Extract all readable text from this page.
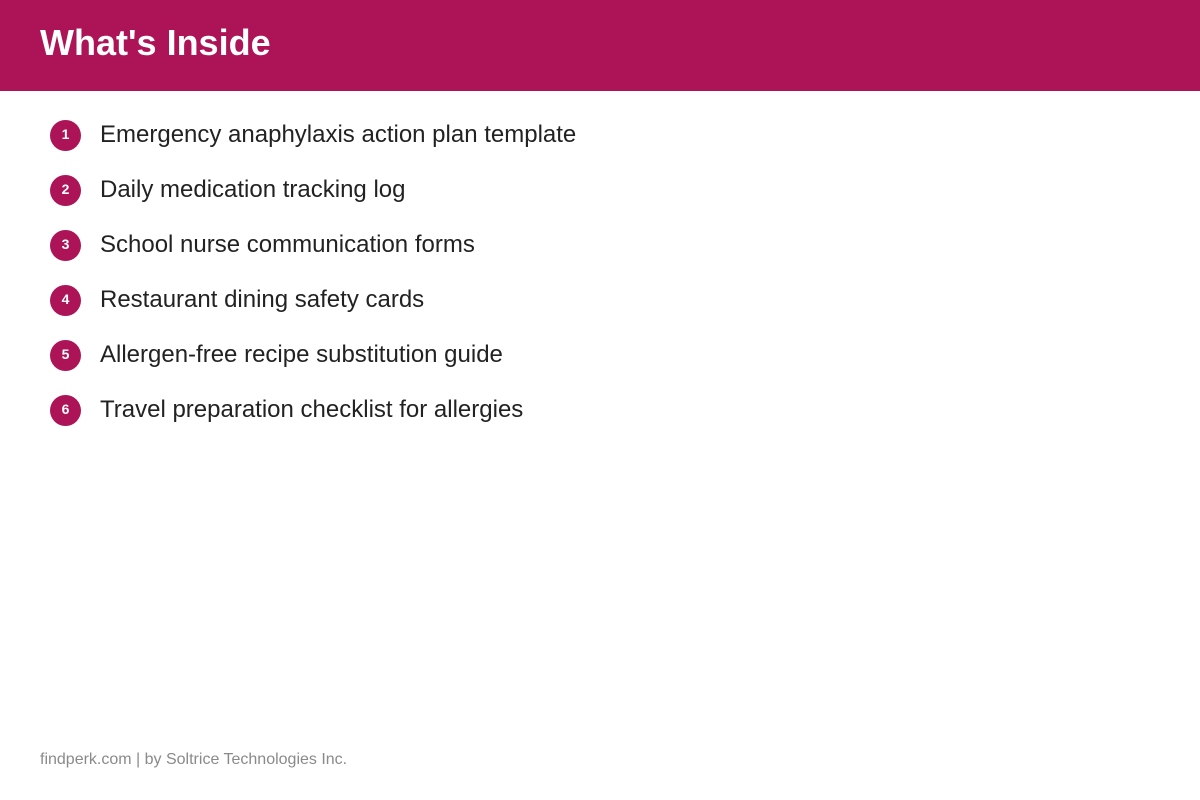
What's Inside
1	Emergency anaphylaxis action plan template
2	Daily medication tracking log
3	School nurse communication forms
4	Restaurant dining safety cards
5	Allergen-free recipe substitution guide
6	Travel preparation checklist for allergies
findperk.com | by Soltrice Technologies Inc.
